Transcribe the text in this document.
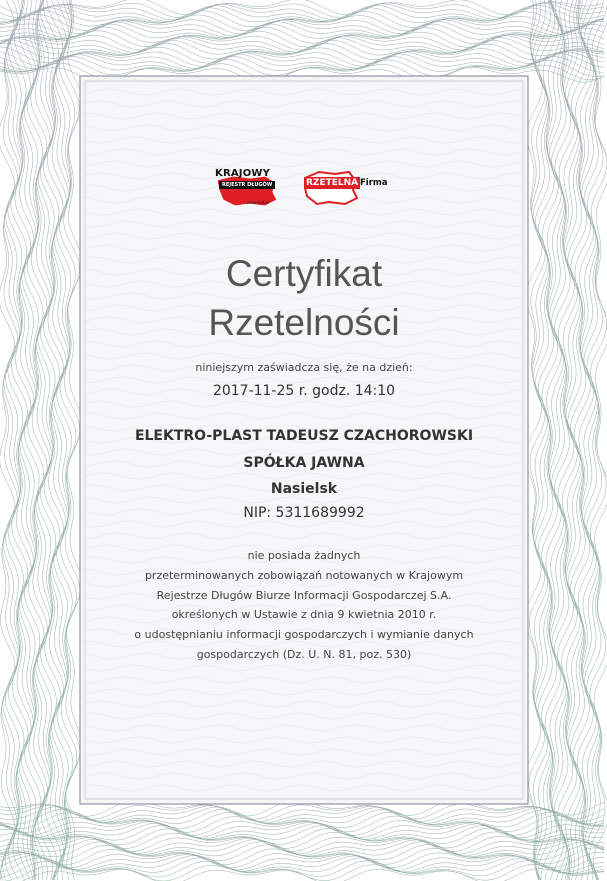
KRAJOWY
REJESTR DŁUGÓW
www.krd.pl
RZETELNA Firma
Certyfikat
Rzetelności
niniejszym zaświadcza się, że na dzień:
2017-11-25 r. godz. 14:10
ELEKTRO-PLAST TADEUSZ CZACHOROWSKI
SPÓŁKA JAWNA
Nasielsk
NIP: 5311689992
nie posiada żadnych
przeterminowanych zobowiązań notowanych w Krajowym
Rejestrze Długów Biurze Informacji Gospodarczej S.A.
określonych w Ustawie z dnia 9 kwietnia 2010 r.
o udostępnianiu informacji gospodarczych i wymianie danych
gospodarczych (Dz. U. N. 81, poz. 530)
